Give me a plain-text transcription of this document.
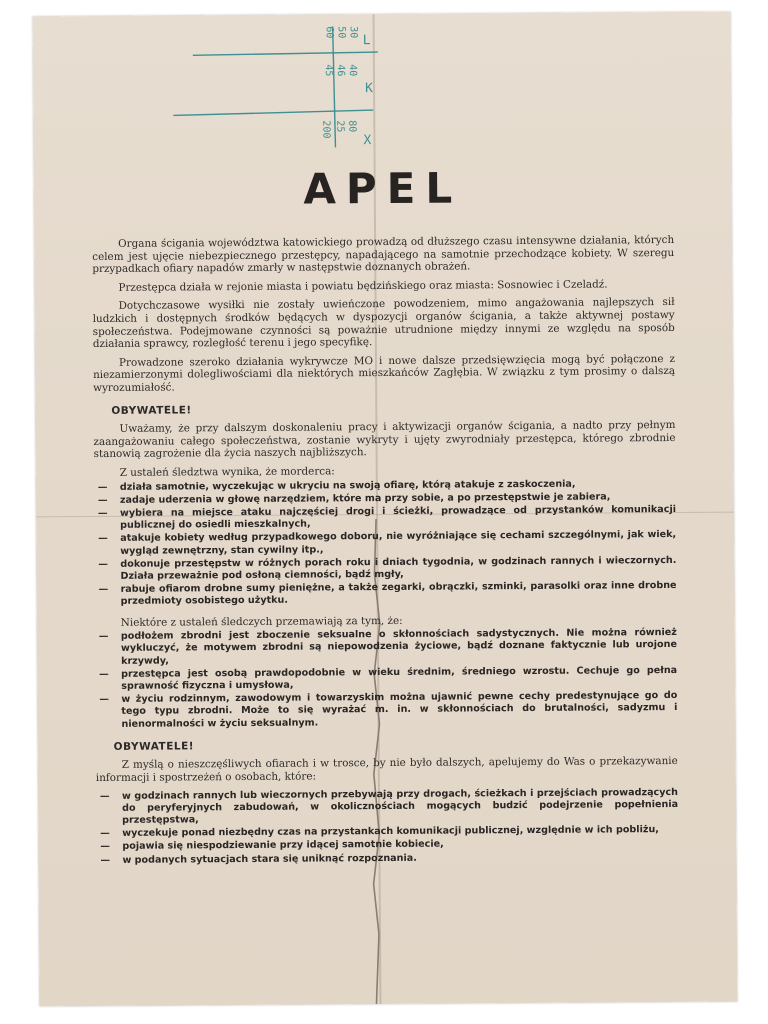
L
K
X
30
50
60
40
46
45
200 25 80
APEL

Organa ścigania województwa katowickiego prowadzą od dłuższego czasu intensywne działania, których celem jest ujęcie niebezpiecznego przestępcy, napadającego na samotnie przechodzące kobiety. W szeregu przypadkach ofiary napadów zmarły w następstwie doznanych obrażeń.

Przestępca działa w rejonie miasta i powiatu będzińskiego oraz miasta: Sosnowiec i Czeladź.

Dotychczasowe wysiłki nie zostały uwieńczone powodzeniem, mimo angażowania najlepszych sił ludzkich i dostępnych środków będących w dyspozycji organów ścigania, a także aktywnej postawy społeczeństwa. Podejmowane czynności są poważnie utrudnione między innymi ze względu na sposób działania sprawcy, rozległość terenu i jego specyfikę.

Prowadzone szeroko działania wykrywcze MO i nowe dalsze przedsięwzięcia mogą być połączone z niezamierzonymi dolegliwościami dla niektórych mieszkańców Zagłębia. W związku z tym prosimy o dalszą wyrozumiałość.

OBYWATELE!

Uważamy, że przy dalszym doskonaleniu pracy i aktywizacji organów ścigania, a nadto przy pełnym zaangażowaniu całego społeczeństwa, zostanie wykryty i ujęty zwyrodniały przestępca, którego zbrodnie stanowią zagrożenie dla życia naszych najbliższych.

Z ustaleń śledztwa wynika, że morderca:

— działa samotnie, wyczekując w ukryciu na swoją ofiarę, którą atakuje z zaskoczenia,
— zadaje uderzenia w głowę narzędziem, które ma przy sobie, a po przestępstwie je zabiera,
— wybiera na miejsce ataku najczęściej drogi i ścieżki, prowadzące od przystanków komunikacji publicznej do osiedli mieszkalnych,
— atakuje kobiety według przypadkowego doboru, nie wyróżniające się cechami szczególnymi, jak wiek, wygląd zewnętrzny, stan cywilny itp.,
— dokonuje przestępstw w różnych porach roku i dniach tygodnia, w godzinach rannych i wieczornych. Działa przeważnie pod osłoną ciemności, bądź mgły,
— rabuje ofiarom drobne sumy pieniężne, a także zegarki, obrączki, szminki, parasolki oraz inne drobne przedmioty osobistego użytku.

Niektóre z ustaleń śledczych przemawiają za tym, że:

— podłożem zbrodni jest zboczenie seksualne o skłonnościach sadystycznych. Nie można również wykluczyć, że motywem zbrodni są niepowodzenia życiowe, bądź doznane faktycznie lub urojone krzywdy,
— przestępca jest osobą prawdopodobnie w wieku średnim, średniego wzrostu. Cechuje go pełna sprawność fizyczna i umysłowa,
— w życiu rodzinnym, zawodowym i towarzyskim można ujawnić pewne cechy predestynujące go do tego typu zbrodni. Może to się wyrażać m. in. w skłonnościach do brutalności, sadyzmu i nienormalności w życiu seksualnym.
OBYWATELE!

Z myślą o nieszczęśliwych ofiarach i w trosce, by nie było dalszych, apelujemy do Was o przekazywanie informacji i spostrzeżeń o osobach, które:

— w godzinach rannych lub wieczornych przebywają przy drogach, ścieżkach i przejściach prowadzących do peryferyjnych zabudowań, w okolicznościach mogących budzić podejrzenie popełnienia przestępstwa,
— wyczekuje ponad niezbędny czas na przystankach komunikacji publicznej, względnie w ich pobliżu,
— pojawia się niespodziewanie przy idącej samotnie kobiecie,
— w podanych sytuacjach stara się uniknąć rozpoznania.
